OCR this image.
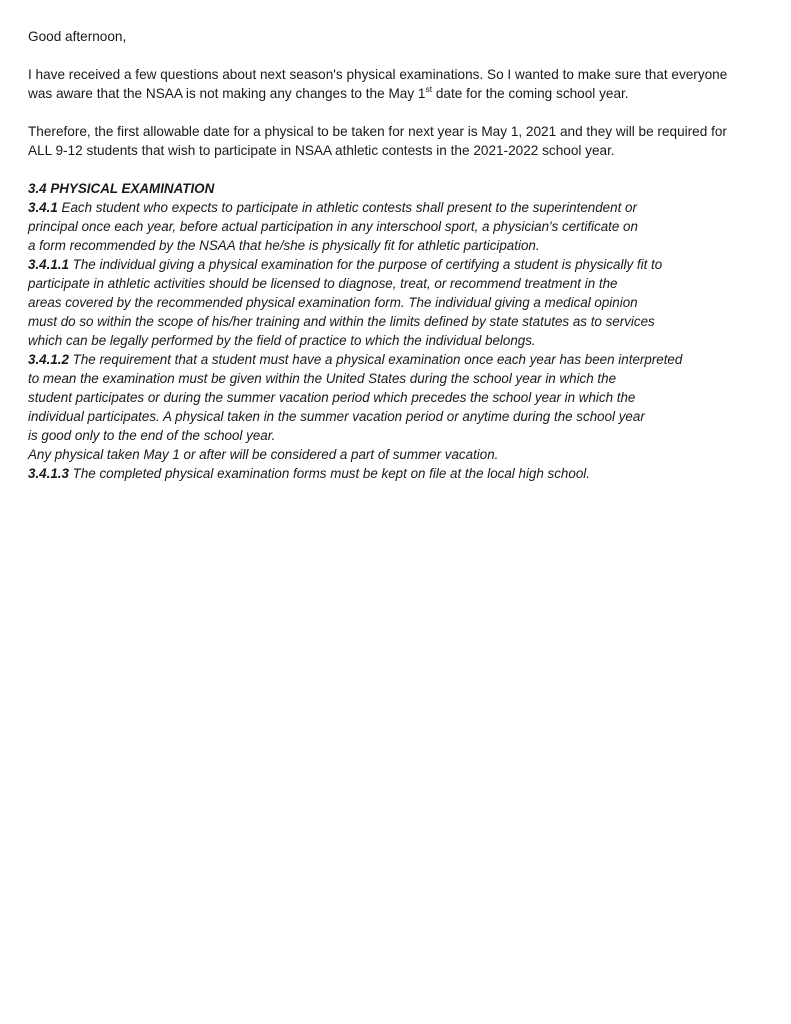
Good afternoon,

I have received a few questions about next season's physical examinations. So I wanted to make sure that everyone
was aware that the NSAA is not making any changes to the May 1st date for the coming school year.

Therefore, the first allowable date for a physical to be taken for next year is May 1, 2021 and they will be required for
ALL 9-12 students that wish to participate in NSAA athletic contests in the 2021-2022 school year.

3.4 PHYSICAL EXAMINATION
3.4.1 Each student who expects to participate in athletic contests shall present to the superintendent or
principal once each year, before actual participation in any interschool sport, a physician's certificate on
a form recommended by the NSAA that he/she is physically fit for athletic participation.
3.4.1.1 The individual giving a physical examination for the purpose of certifying a student is physically fit to
participate in athletic activities should be licensed to diagnose, treat, or recommend treatment in the
areas covered by the recommended physical examination form. The individual giving a medical opinion
must do so within the scope of his/her training and within the limits defined by state statutes as to services
which can be legally performed by the field of practice to which the individual belongs.
3.4.1.2 The requirement that a student must have a physical examination once each year has been interpreted
to mean the examination must be given within the United States during the school year in which the
student participates or during the summer vacation period which precedes the school year in which the
individual participates. A physical taken in the summer vacation period or anytime during the school year
is good only to the end of the school year.
Any physical taken May 1 or after will be considered a part of summer vacation.
3.4.1.3 The completed physical examination forms must be kept on file at the local high school.
